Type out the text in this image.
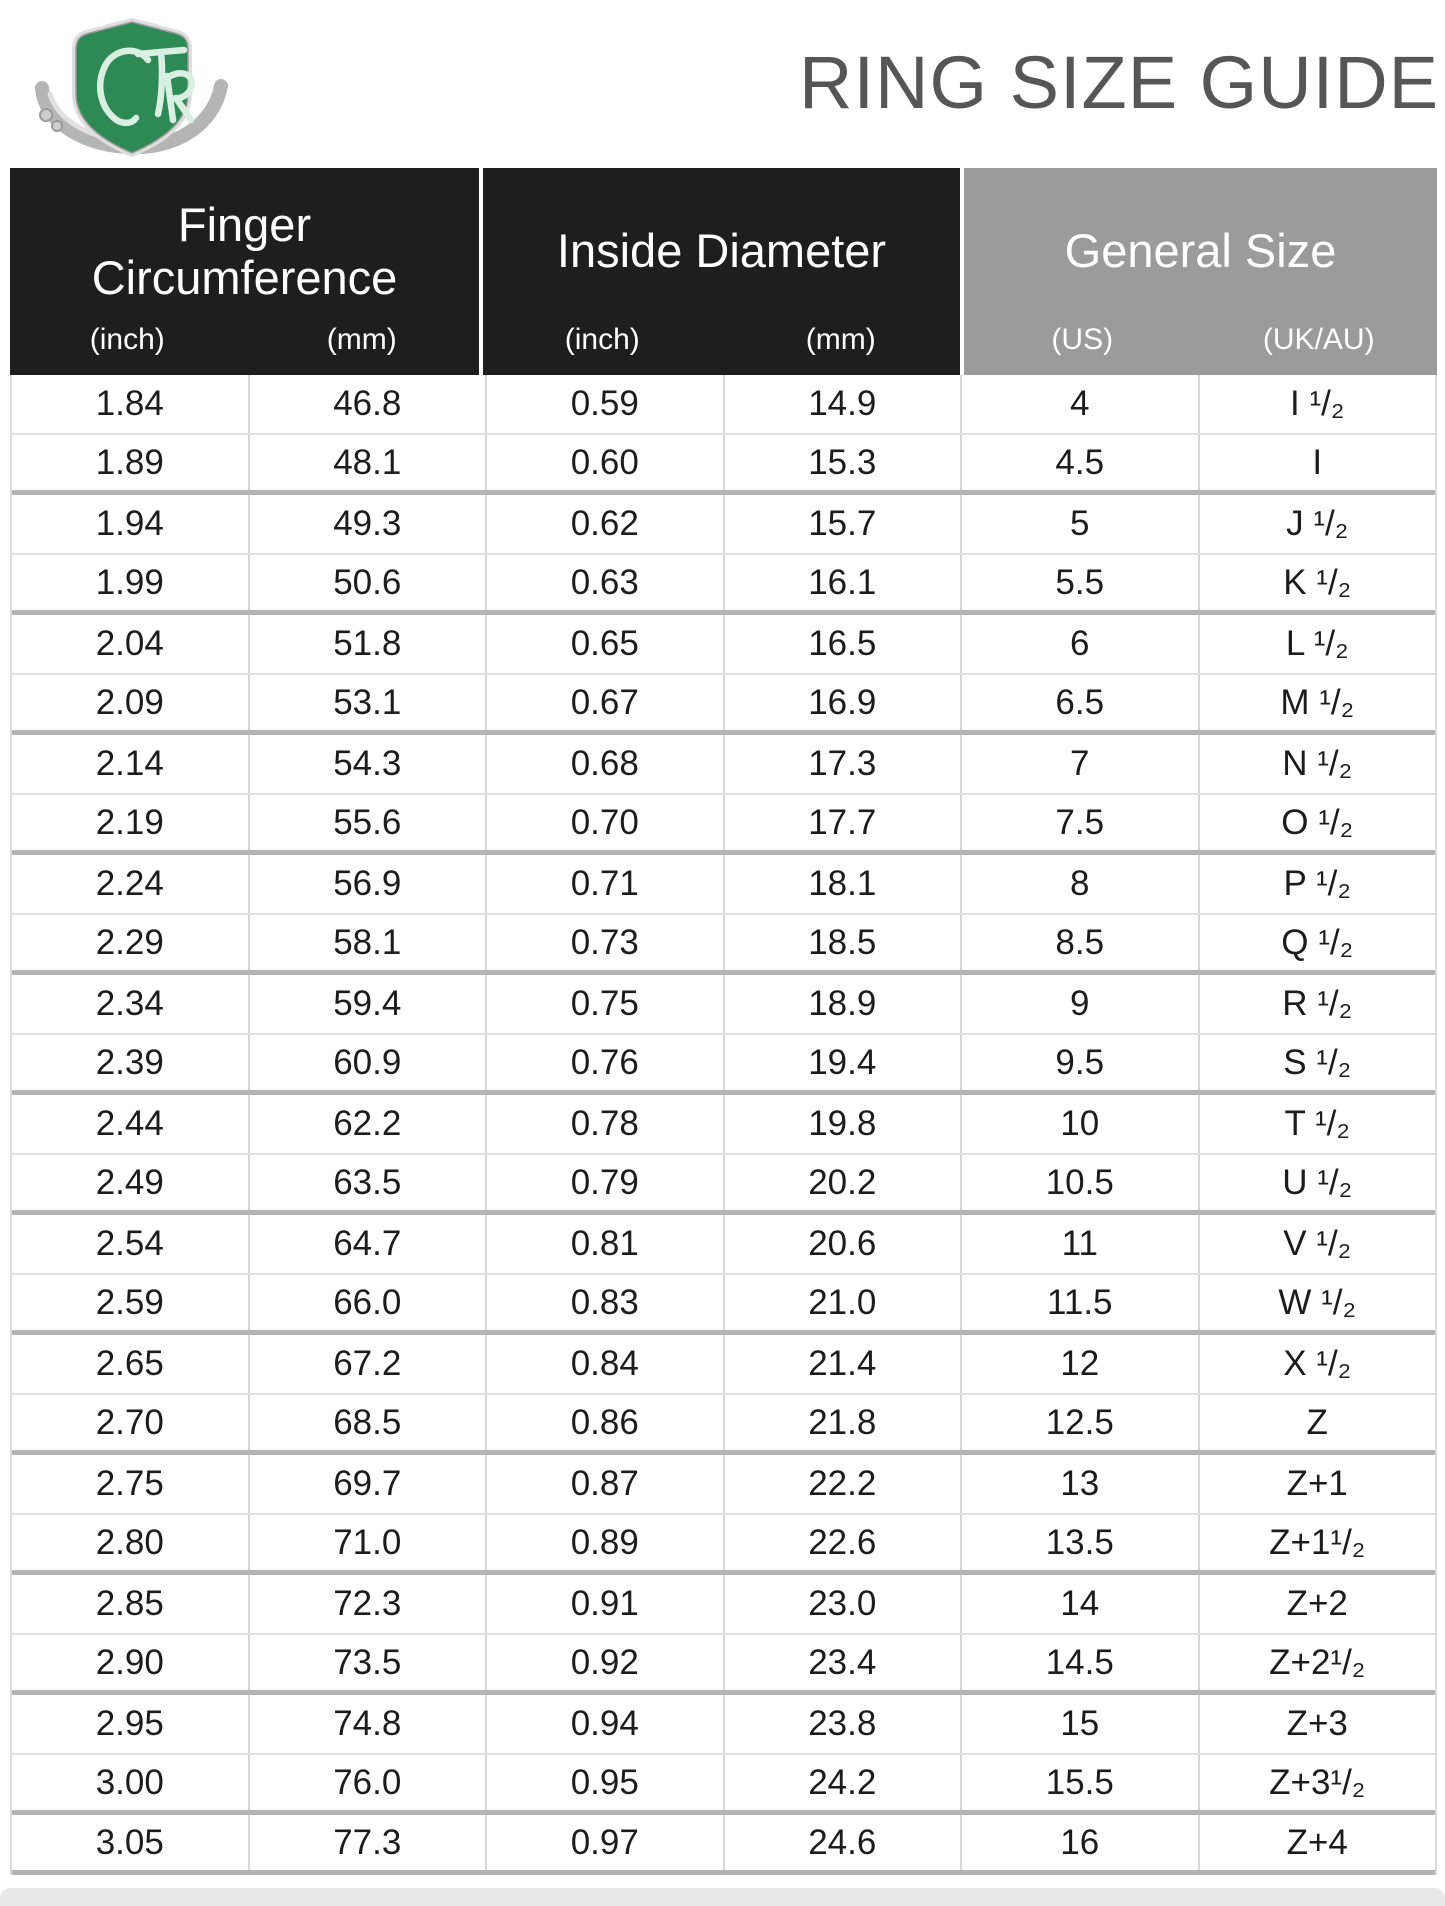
RING SIZE GUIDE
Finger Circumference
(inch)	(mm)
Inside Diameter
(inch)	(mm)
General Size
(US)	(UK/AU)
1.84	46.8	0.59	14.9	4	I ¹/₂
1.89	48.1	0.60	15.3	4.5	I
1.94	49.3	0.62	15.7	5	J ¹/₂
1.99	50.6	0.63	16.1	5.5	K ¹/₂
2.04	51.8	0.65	16.5	6	L ¹/₂
2.09	53.1	0.67	16.9	6.5	M ¹/₂
2.14	54.3	0.68	17.3	7	N ¹/₂
2.19	55.6	0.70	17.7	7.5	O ¹/₂
2.24	56.9	0.71	18.1	8	P ¹/₂
2.29	58.1	0.73	18.5	8.5	Q ¹/₂
2.34	59.4	0.75	18.9	9	R ¹/₂
2.39	60.9	0.76	19.4	9.5	S ¹/₂
2.44	62.2	0.78	19.8	10	T ¹/₂
2.49	63.5	0.79	20.2	10.5	U ¹/₂
2.54	64.7	0.81	20.6	11	V ¹/₂
2.59	66.0	0.83	21.0	11.5	W ¹/₂
2.65	67.2	0.84	21.4	12	X ¹/₂
2.70	68.5	0.86	21.8	12.5	Z
2.75	69.7	0.87	22.2	13	Z+1
2.80	71.0	0.89	22.6	13.5	Z+1¹/₂
2.85	72.3	0.91	23.0	14	Z+2
2.90	73.5	0.92	23.4	14.5	Z+2¹/₂
2.95	74.8	0.94	23.8	15	Z+3
3.00	76.0	0.95	24.2	15.5	Z+3¹/₂
3.05	77.3	0.97	24.6	16	Z+4
